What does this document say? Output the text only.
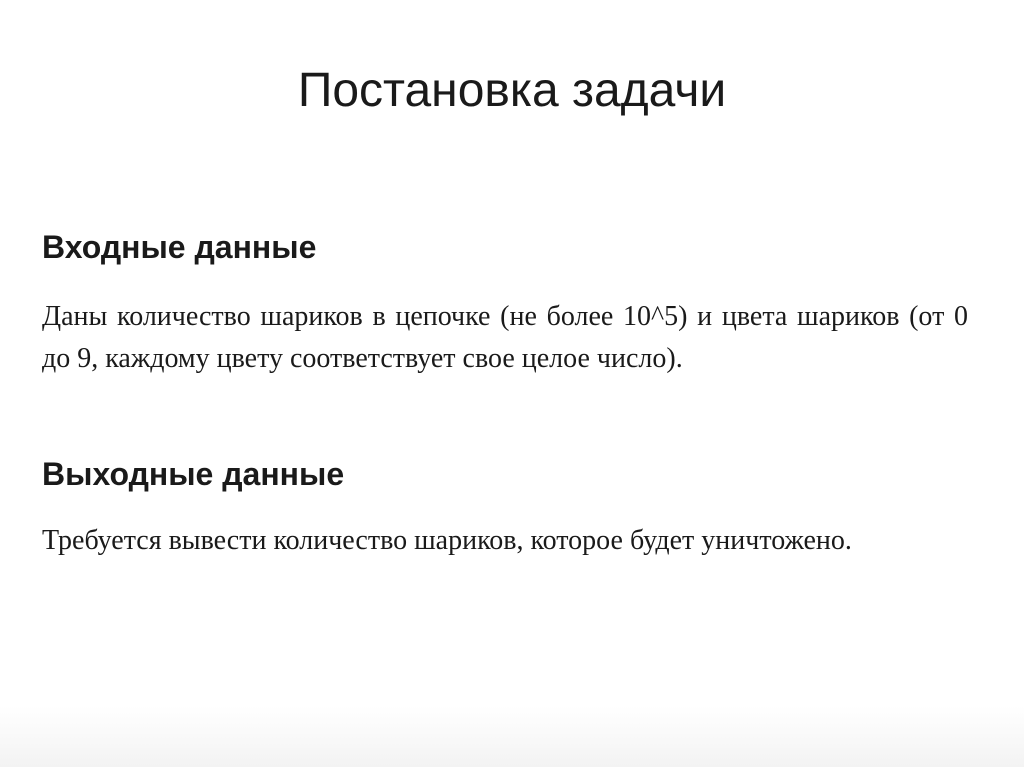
Постановка задачи
Входные данные

Даны количество шариков в цепочке (не более 10^5) и цвета шариков (от 0 до 9, каждому цвету соответствует свое целое число).

Выходные данные

Требуется вывести количество шариков, которое будет уничтожено.
